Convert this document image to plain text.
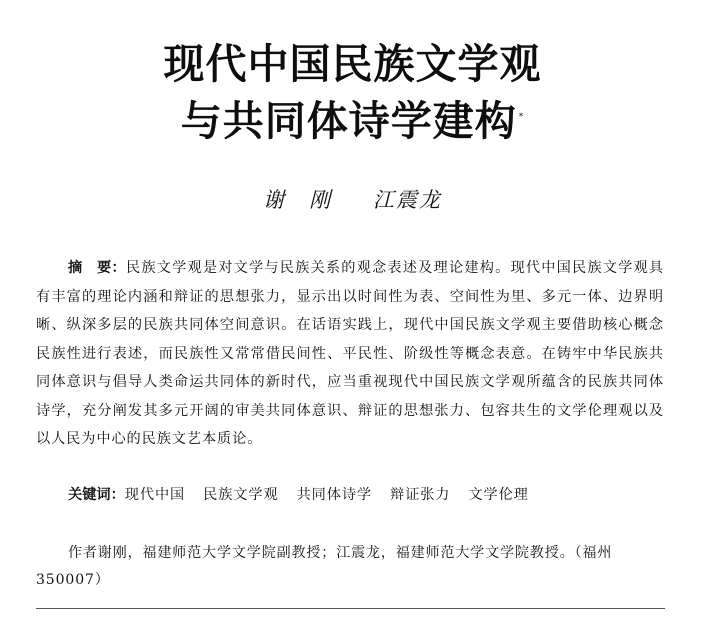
现代中国民族文学观
与共同体诗学建构 *
谢　刚 江震龙

摘　要：民族文学观是对文学与民族关系的观念表述及理论建构。现代中国民族文学观具有丰富的理论内涵和辩证的思想张力，显示出以时间性为表、空间性为里、多元一体、边界明晰、纵深多层的民族共同体空间意识。在话语实践上，现代中国民族文学观主要借助核心概念民族性进行表述，而民族性又常常借民间性、平民性、阶级性等概念表意。在铸牢中华民族共同体意识与倡导人类命运共同体的新时代，应当重视现代中国民族文学观所蕴含的民族共同体诗学，充分阐发其多元开阔的审美共同体意识、辩证的思想张力、包容共生的文学伦理观以及以人民为中心的民族文艺本质论。

关键词：现代中国 民族文学观 共同体诗学 辩证张力 文学伦理

作者谢刚，福建师范大学文学院副教授；江震龙，福建师范大学文学院教授。（福州　350007）
